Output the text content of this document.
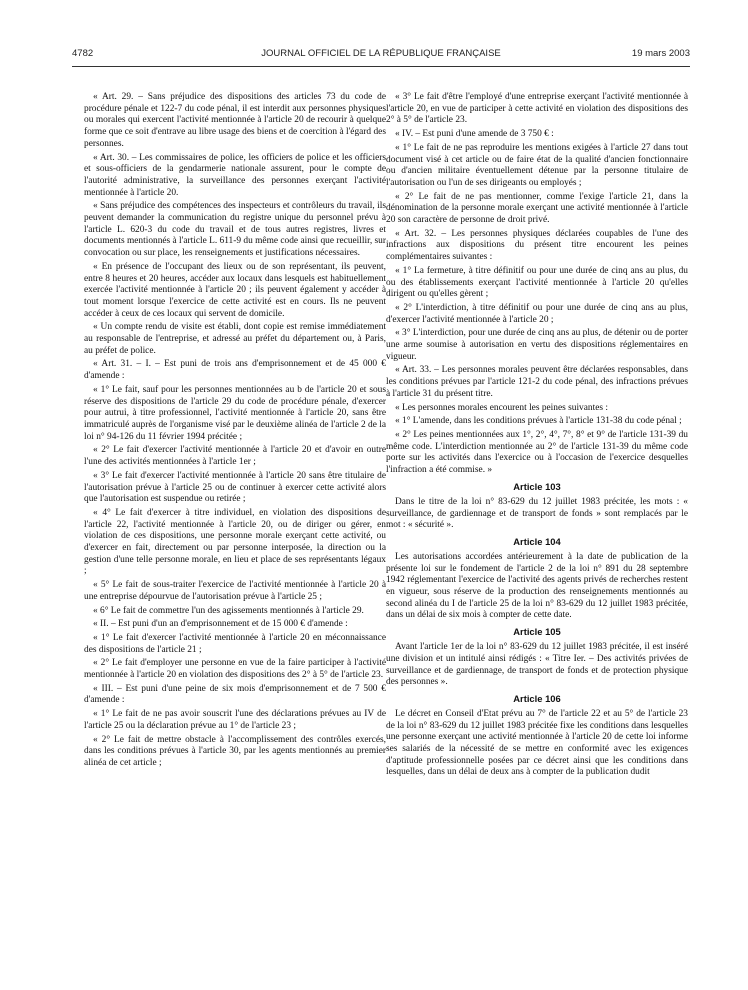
4782	JOURNAL OFFICIEL DE LA RÉPUBLIQUE FRANÇAISE	19 mars 2003

« Art. 29. – Sans préjudice des dispositions des articles 73 du code de procédure pénale et 122-7 du code pénal, il est interdit aux personnes physiques ou morales qui exercent l'activité mentionnée à l'article 20 de recourir à quelque forme que ce soit d'entrave au libre usage des biens et de coercition à l'égard des personnes.

« Art. 30. – Les commissaires de police, les officiers de police et les officiers et sous-officiers de la gendarmerie nationale assurent, pour le compte de l'autorité administrative, la surveillance des personnes exerçant l'activité mentionnée à l'article 20.

« Sans préjudice des compétences des inspecteurs et contrôleurs du travail, ils peuvent demander la communication du registre unique du personnel prévu à l'article L. 620-3 du code du travail et de tous autres registres, livres et documents mentionnés à l'article L. 611-9 du même code ainsi que recueillir, sur convocation ou sur place, les renseignements et justifications nécessaires.

« En présence de l'occupant des lieux ou de son représentant, ils peuvent, entre 8 heures et 20 heures, accéder aux locaux dans lesquels est habituellement exercée l'activité mentionnée à l'article 20 ; ils peuvent également y accéder à tout moment lorsque l'exercice de cette activité est en cours. Ils ne peuvent accéder à ceux de ces locaux qui servent de domicile.

« Un compte rendu de visite est établi, dont copie est remise immédiatement au responsable de l'entreprise, et adressé au préfet du département ou, à Paris, au préfet de police.

« Art. 31. – I. – Est puni de trois ans d'emprisonnement et de 45 000 € d'amende :

« 1° Le fait, sauf pour les personnes mentionnées au b de l'article 20 et sous réserve des dispositions de l'article 29 du code de procédure pénale, d'exercer pour autrui, à titre professionnel, l'activité mentionnée à l'article 20, sans être immatriculé auprès de l'organisme visé par le deuxième alinéa de l'article 2 de la loi n° 94-126 du 11 février 1994 précitée ;

« 2° Le fait d'exercer l'activité mentionnée à l'article 20 et d'avoir en outre l'une des activités mentionnées à l'article 1er ;

« 3° Le fait d'exercer l'activité mentionnée à l'article 20 sans être titulaire de l'autorisation prévue à l'article 25 ou de continuer à exercer cette activité alors que l'autorisation est suspendue ou retirée ;

« 4° Le fait d'exercer à titre individuel, en violation des dispositions de l'article 22, l'activité mentionnée à l'article 20, ou de diriger ou gérer, en violation de ces dispositions, une personne morale exerçant cette activité, ou d'exercer en fait, directement ou par personne interposée, la direction ou la gestion d'une telle personne morale, en lieu et place de ses représentants légaux ;

« 5° Le fait de sous-traiter l'exercice de l'activité mentionnée à l'article 20 à une entreprise dépourvue de l'autorisation prévue à l'article 25 ;

« 6° Le fait de commettre l'un des agissements mentionnés à l'article 29.

« II. – Est puni d'un an d'emprisonnement et de 15 000 € d'amende :

« 1° Le fait d'exercer l'activité mentionnée à l'article 20 en méconnaissance des dispositions de l'article 21 ;

« 2° Le fait d'employer une personne en vue de la faire participer à l'activité mentionnée à l'article 20 en violation des dispositions des 2° à 5° de l'article 23.

« III. – Est puni d'une peine de six mois d'emprisonnement et de 7 500 € d'amende :

« 1° Le fait de ne pas avoir souscrit l'une des déclarations prévues au IV de l'article 25 ou la déclaration prévue au 1° de l'article 23 ;

« 2° Le fait de mettre obstacle à l'accomplissement des contrôles exercés, dans les conditions prévues à l'article 30, par les agents mentionnés au premier alinéa de cet article ;

« 3° Le fait d'être l'employé d'une entreprise exerçant l'activité mentionnée à l'article 20, en vue de participer à cette activité en violation des dispositions des 2° à 5° de l'article 23.

« IV. – Est puni d'une amende de 3 750 € :

« 1° Le fait de ne pas reproduire les mentions exigées à l'article 27 dans tout document visé à cet article ou de faire état de la qualité d'ancien fonctionnaire ou d'ancien militaire éventuellement détenue par la personne titulaire de l'autorisation ou l'un de ses dirigeants ou employés ;

« 2° Le fait de ne pas mentionner, comme l'exige l'article 21, dans la dénomination de la personne morale exerçant une activité mentionnée à l'article 20 son caractère de personne de droit privé.

« Art. 32. – Les personnes physiques déclarées coupables de l'une des infractions aux dispositions du présent titre encourent les peines complémentaires suivantes :

« 1° La fermeture, à titre définitif ou pour une durée de cinq ans au plus, du ou des établissements exerçant l'activité mentionnée à l'article 20 qu'elles dirigent ou qu'elles gèrent ;

« 2° L'interdiction, à titre définitif ou pour une durée de cinq ans au plus, d'exercer l'activité mentionnée à l'article 20 ;

« 3° L'interdiction, pour une durée de cinq ans au plus, de détenir ou de porter une arme soumise à autorisation en vertu des dispositions réglementaires en vigueur.

« Art. 33. – Les personnes morales peuvent être déclarées responsables, dans les conditions prévues par l'article 121-2 du code pénal, des infractions prévues à l'article 31 du présent titre.

« Les personnes morales encourent les peines suivantes :

« 1° L'amende, dans les conditions prévues à l'article 131-38 du code pénal ;

« 2° Les peines mentionnées aux 1°, 2°, 4°, 7°, 8° et 9° de l'article 131-39 du même code. L'interdiction mentionnée au 2° de l'article 131-39 du même code porte sur les activités dans l'exercice ou à l'occasion de l'exercice desquelles l'infraction a été commise. »

Article 103

Dans le titre de la loi n° 83-629 du 12 juillet 1983 précitée, les mots : « surveillance, de gardiennage et de transport de fonds » sont remplacés par le mot : « sécurité ».

Article 104

Les autorisations accordées antérieurement à la date de publication de la présente loi sur le fondement de l'article 2 de la loi n° 891 du 28 septembre 1942 réglementant l'exercice de l'activité des agents privés de recherches restent en vigueur, sous réserve de la production des renseignements mentionnés au second alinéa du I de l'article 25 de la loi n° 83-629 du 12 juillet 1983 précitée, dans un délai de six mois à compter de cette date.

Article 105

Avant l'article 1er de la loi n° 83-629 du 12 juillet 1983 précitée, il est inséré une division et un intitulé ainsi rédigés : « Titre Ier. – Des activités privées de surveillance et de gardiennage, de transport de fonds et de protection physique des personnes ».

Article 106

Le décret en Conseil d'Etat prévu au 7° de l'article 22 et au 5° de l'article 23 de la loi n° 83-629 du 12 juillet 1983 précitée fixe les conditions dans lesquelles une personne exerçant une activité mentionnée à l'article 20 de cette loi informe ses salariés de la nécessité de se mettre en conformité avec les exigences d'aptitude professionnelle posées par ce décret ainsi que les conditions dans lesquelles, dans un délai de deux ans à compter de la publication dudit
